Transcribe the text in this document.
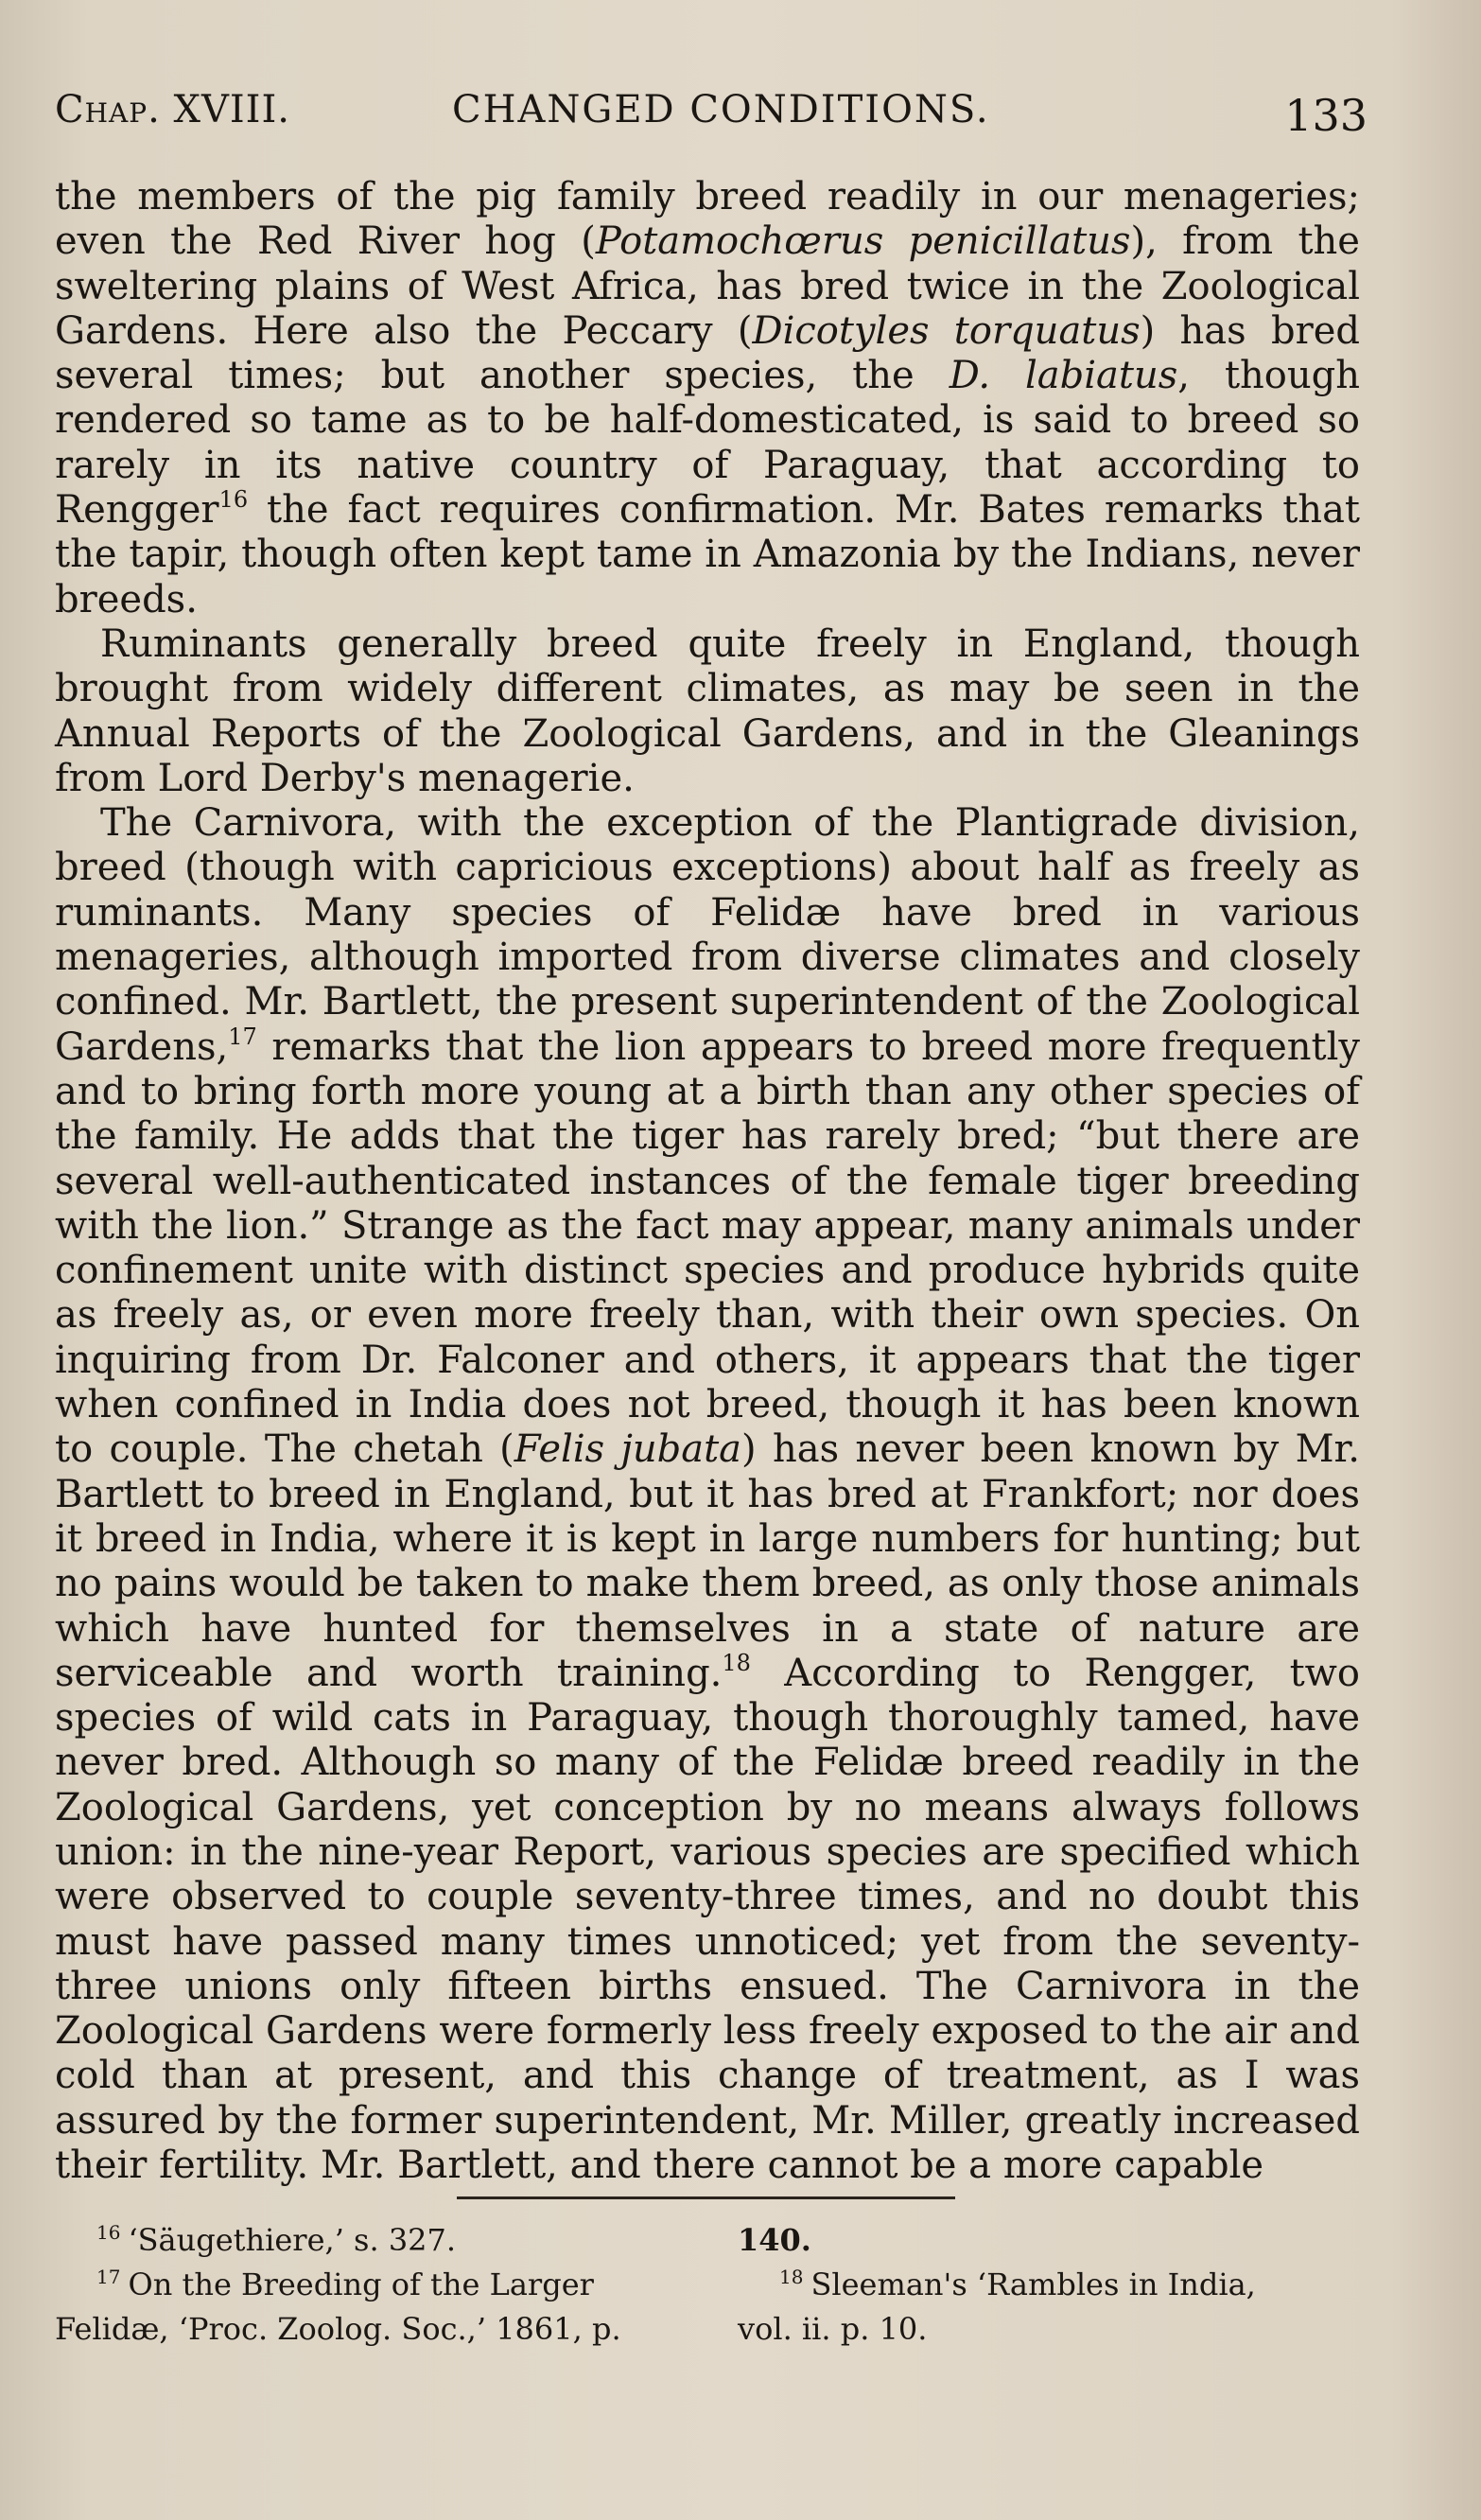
Chap. XVIII.	CHANGED CONDITIONS.	133

the members of the pig family breed readily in our menageries; even the Red River hog (Potamochœrus penicillatus), from the sweltering plains of West Africa, has bred twice in the Zoological Gardens. Here also the Peccary (Dicotyles torquatus) has bred several times; but another species, the D. labiatus, though rendered so tame as to be half-domesticated, is said to breed so rarely in its native country of Paraguay, that according to Rengger$^{16}$ the fact requires confirmation. Mr. Bates remarks that the tapir, though often kept tame in Amazonia by the Indians, never breeds.

Ruminants generally breed quite freely in England, though brought from widely different climates, as may be seen in the Annual Reports of the Zoological Gardens, and in the Gleanings from Lord Derby's menagerie.

The Carnivora, with the exception of the Plantigrade division, breed (though with capricious exceptions) about half as freely as ruminants. Many species of Felidæ have bred in various menageries, although imported from diverse climates and closely confined. Mr. Bartlett, the present superintendent of the Zoological Gardens,$^{17}$ remarks that the lion appears to breed more frequently and to bring forth more young at a birth than any other species of the family. He adds that the tiger has rarely bred; “but there are several well-authenticated instances of the female tiger breeding with the lion.” Strange as the fact may appear, many animals under confinement unite with distinct species and produce hybrids quite as freely as, or even more freely than, with their own species. On inquiring from Dr. Falconer and others, it appears that the tiger when confined in India does not breed, though it has been known to couple. The chetah (Felis jubata) has never been known by Mr. Bartlett to breed in England, but it has bred at Frankfort; nor does it breed in India, where it is kept in large numbers for hunting; but no pains would be taken to make them breed, as only those animals which have hunted for themselves in a state of nature are serviceable and worth training.$^{18}$ According to Rengger, two species of wild cats in Paraguay, though thoroughly tamed, have never bred. Although so many of the Felidæ breed readily in the Zoological Gardens, yet conception by no means always follows union: in the nine-year Report, various species are specified which were observed to couple seventy-three times, and no doubt this must have passed many times unnoticed; yet from the seventy-three unions only fifteen births ensued. The Carnivora in the Zoological Gardens were formerly less freely exposed to the air and cold than at present, and this change of treatment, as I was assured by the former superintendent, Mr. Miller, greatly increased their fertility. Mr. Bartlett, and there cannot be a more capable

$^{16}$ ‘Säugethiere,’ s. 327.

$^{17}$ On the Breeding of the Larger

Felidæ, ‘Proc. Zoolog. Soc.,’ 1861, p.

140.

$^{18}$ Sleeman's ‘Rambles in India,

vol. ii. p. 10.
